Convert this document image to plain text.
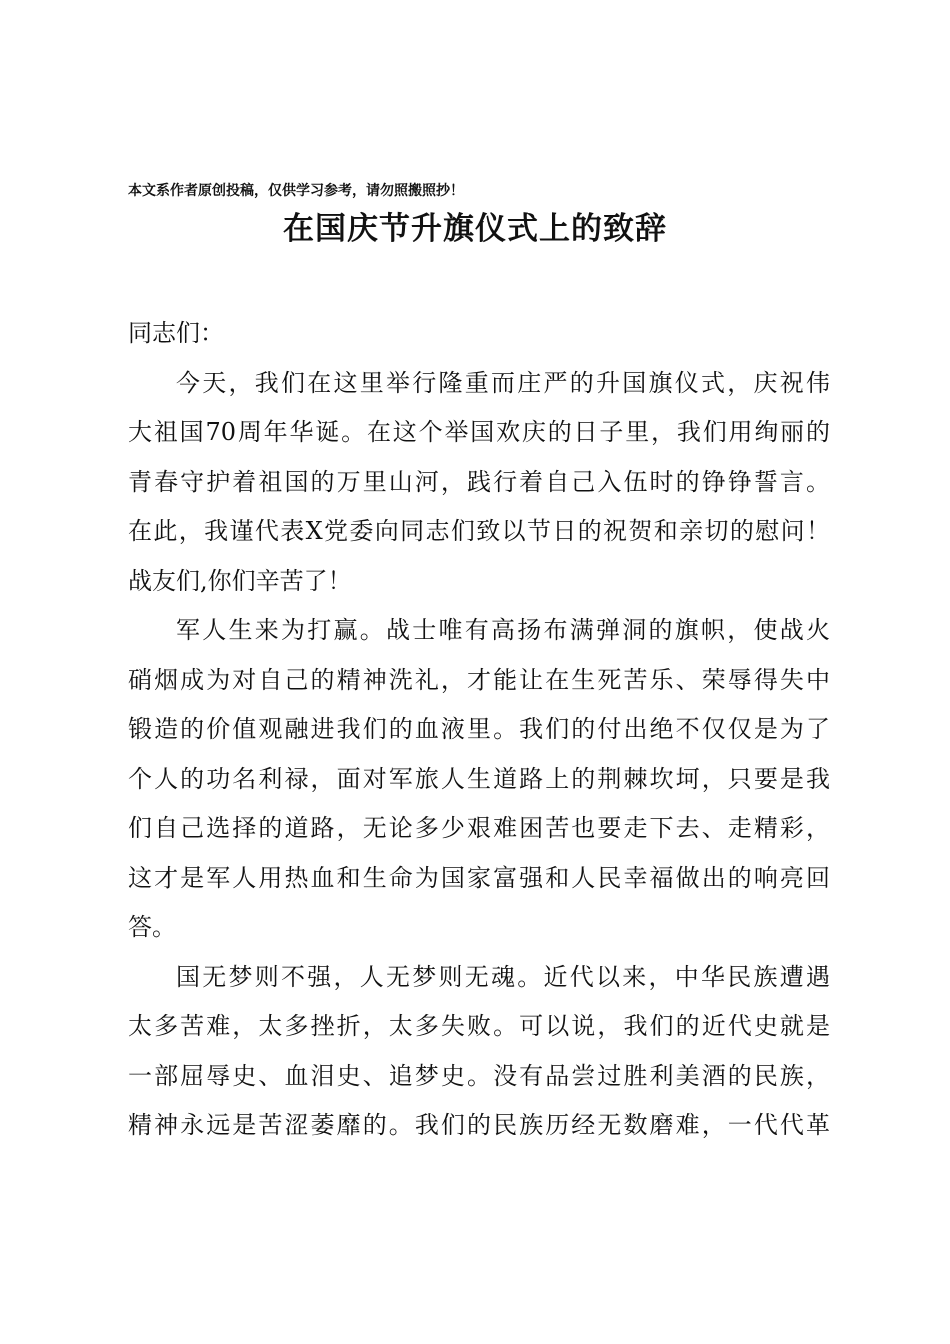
本文系作者原创投稿，仅供学习参考，请勿照搬照抄！
在国庆节升旗仪式上的致辞
同志们：
今天，我们在这里举行隆重而庄严的升国旗仪式，庆祝伟
大祖国70周年华诞。在这个举国欢庆的日子里，我们用绚丽的
青春守护着祖国的万里山河，践行着自己入伍时的铮铮誓言。
在此，我谨代表X党委向同志们致以节日的祝贺和亲切的慰问！
战友们,你们辛苦了！
军人生来为打赢。战士唯有高扬布满弹洞的旗帜，使战火
硝烟成为对自己的精神洗礼，才能让在生死苦乐、荣辱得失中
锻造的价值观融进我们的血液里。我们的付出绝不仅仅是为了
个人的功名利禄，面对军旅人生道路上的荆棘坎坷，只要是我
们自己选择的道路，无论多少艰难困苦也要走下去、走精彩，
这才是军人用热血和生命为国家富强和人民幸福做出的响亮回
答。
国无梦则不强，人无梦则无魂。近代以来，中华民族遭遇
太多苦难，太多挫折，太多失败。可以说，我们的近代史就是
一部屈辱史、血泪史、追梦史。没有品尝过胜利美酒的民族，
精神永远是苦涩萎靡的。我们的民族历经无数磨难，一代代革
